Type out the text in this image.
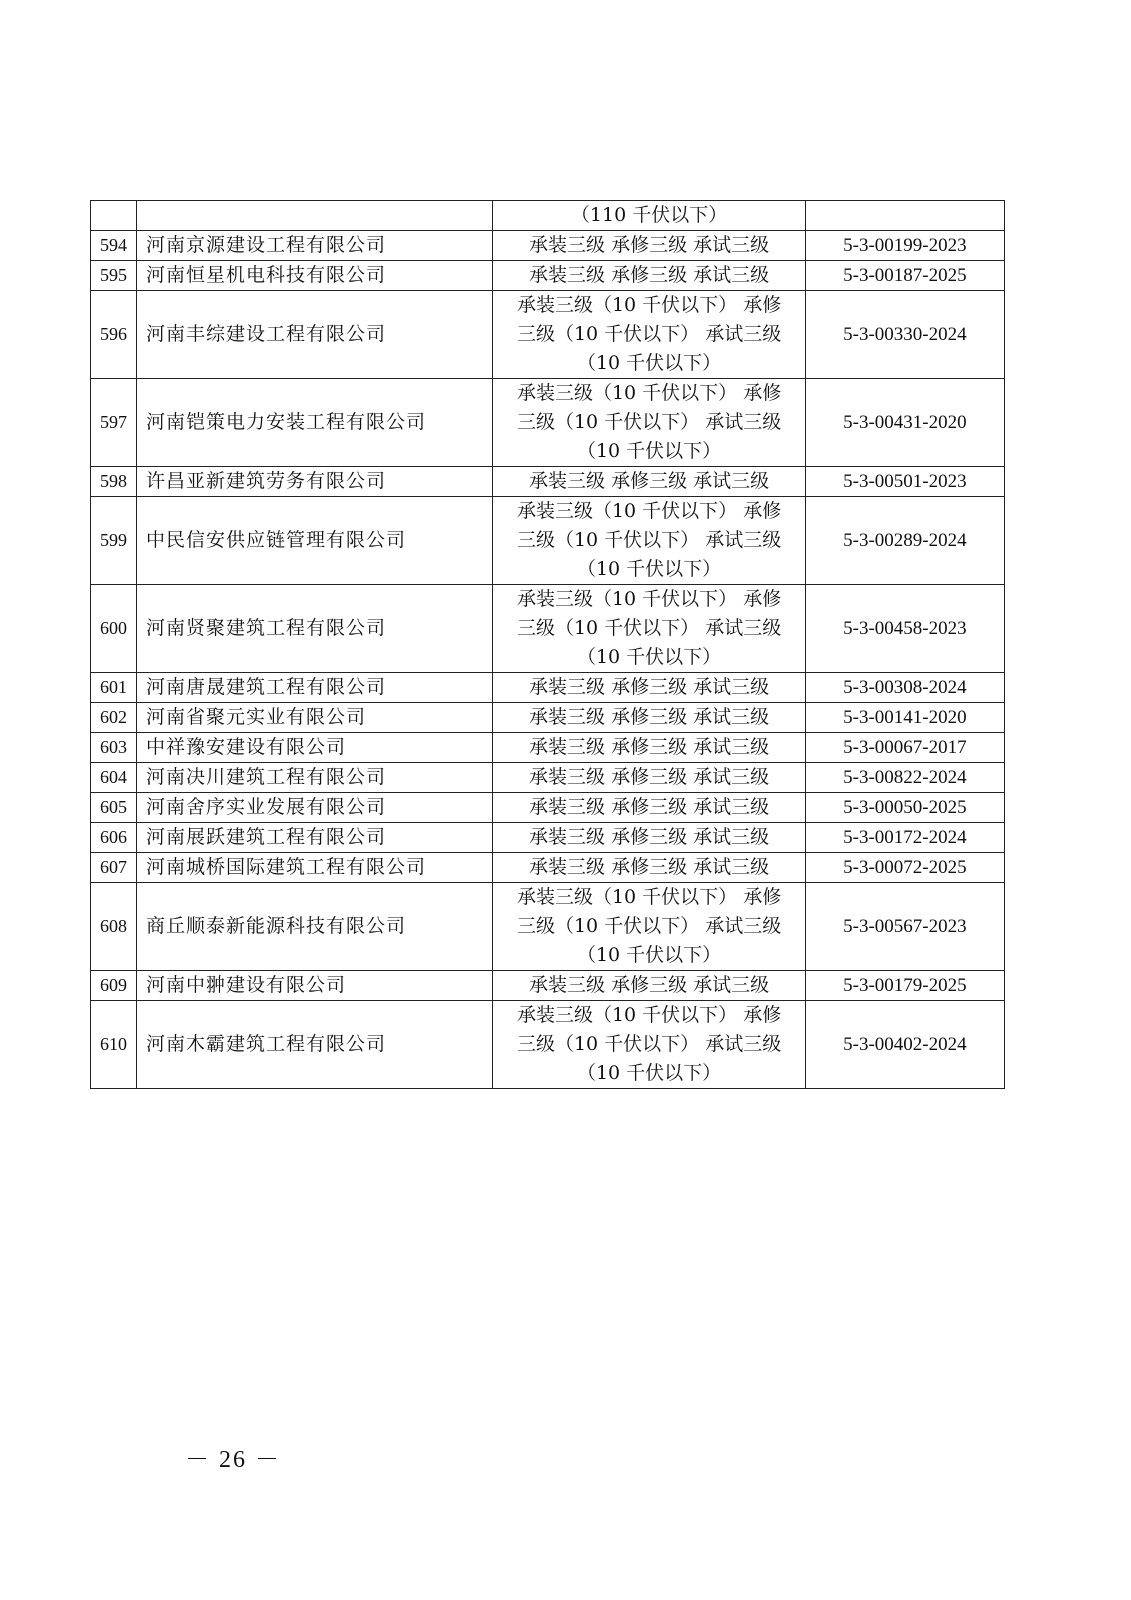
		（110 千伏以下）	

594	河南京源建设工程有限公司	承装三级 承修三级 承试三级	5-3-00199-2023
595	河南恒星机电科技有限公司	承装三级 承修三级 承试三级	5-3-00187-2025
596	河南丰综建设工程有限公司	承装三级（10 千伏以下） 承修
三级（10 千伏以下） 承试三级
（10 千伏以下）	5-3-00330-2024
597	河南铠策电力安装工程有限公司	承装三级（10 千伏以下） 承修
三级（10 千伏以下） 承试三级
（10 千伏以下）	5-3-00431-2020
598	许昌亚新建筑劳务有限公司	承装三级 承修三级 承试三级	5-3-00501-2023
599	中民信安供应链管理有限公司	承装三级（10 千伏以下） 承修
三级（10 千伏以下） 承试三级
（10 千伏以下）	5-3-00289-2024
600	河南贤聚建筑工程有限公司	承装三级（10 千伏以下） 承修
三级（10 千伏以下） 承试三级
（10 千伏以下）	5-3-00458-2023
601	河南唐晟建筑工程有限公司	承装三级 承修三级 承试三级	5-3-00308-2024
602	河南省聚元实业有限公司	承装三级 承修三级 承试三级	5-3-00141-2020
603	中祥豫安建设有限公司	承装三级 承修三级 承试三级	5-3-00067-2017
604	河南决川建筑工程有限公司	承装三级 承修三级 承试三级	5-3-00822-2024
605	河南舍序实业发展有限公司	承装三级 承修三级 承试三级	5-3-00050-2025
606	河南展跃建筑工程有限公司	承装三级 承修三级 承试三级	5-3-00172-2024
607	河南城桥国际建筑工程有限公司	承装三级 承修三级 承试三级	5-3-00072-2025
608	商丘顺泰新能源科技有限公司	承装三级（10 千伏以下） 承修
三级（10 千伏以下） 承试三级
（10 千伏以下）	5-3-00567-2023
609	河南中翀建设有限公司	承装三级 承修三级 承试三级	5-3-00179-2025
610	河南木霸建筑工程有限公司	承装三级（10 千伏以下） 承修
三级（10 千伏以下） 承试三级
（10 千伏以下）	5-3-00402-2024
－ 26 －
